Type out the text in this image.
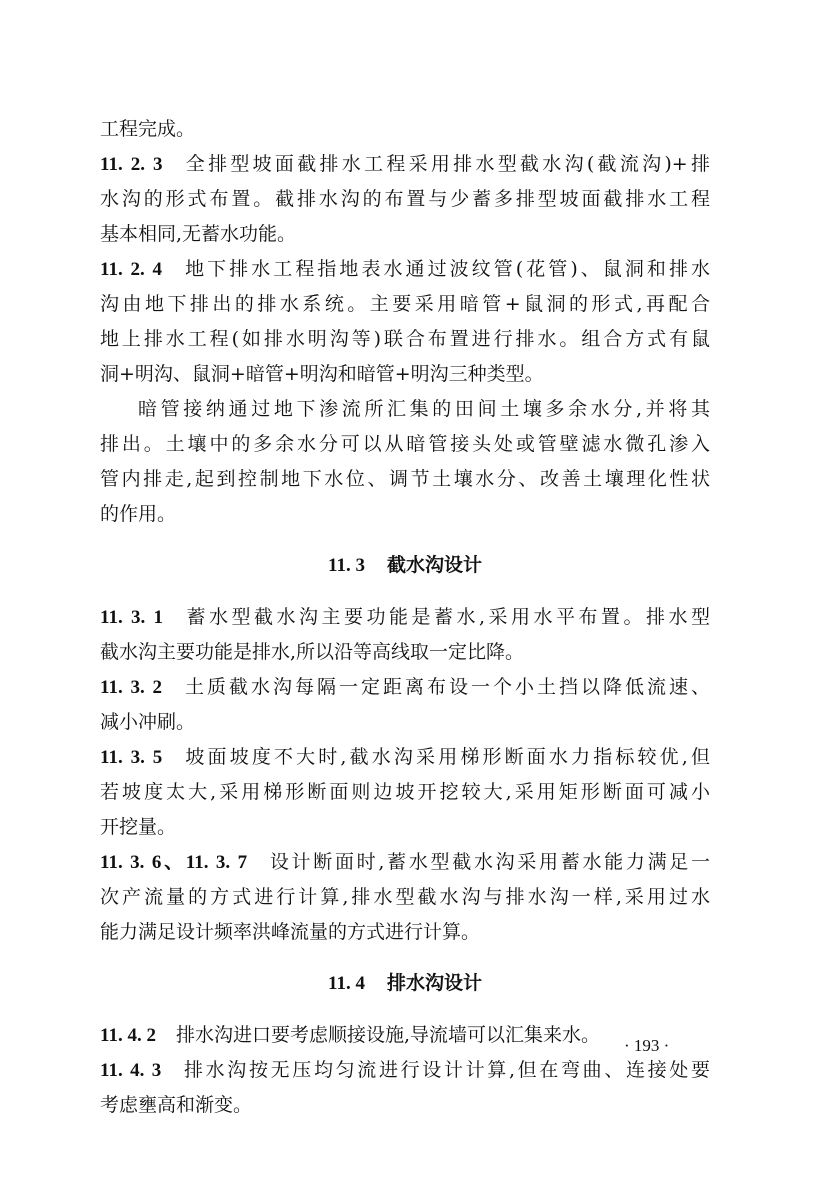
工程完成。
11. 2. 3 全排型坡面截排水工程采用排水型截水沟(截流沟)+排
水沟的形式布置。截排水沟的布置与少蓄多排型坡面截排水工程
基本相同,无蓄水功能。
11. 2. 4 地下排水工程指地表水通过波纹管(花管)、鼠洞和排水
沟由地下排出的排水系统。主要采用暗管+鼠洞的形式,再配合
地上排水工程(如排水明沟等)联合布置进行排水。组合方式有鼠
洞+明沟、鼠洞+暗管+明沟和暗管+明沟三种类型。
暗管接纳通过地下渗流所汇集的田间土壤多余水分,并将其
排出。土壤中的多余水分可以从暗管接头处或管壁滤水微孔渗入
管内排走,起到控制地下水位、调节土壤水分、改善土壤理化性状
的作用。
11. 3 截水沟设计
11. 3. 1 蓄水型截水沟主要功能是蓄水,采用水平布置。排水型
截水沟主要功能是排水,所以沿等高线取一定比降。
11. 3. 2 土质截水沟每隔一定距离布设一个小土挡以降低流速、
减小冲刷。
11. 3. 5 坡面坡度不大时,截水沟采用梯形断面水力指标较优,但
若坡度太大,采用梯形断面则边坡开挖较大,采用矩形断面可减小
开挖量。
11. 3. 6、11. 3. 7 设计断面时,蓄水型截水沟采用蓄水能力满足一
次产流量的方式进行计算,排水型截水沟与排水沟一样,采用过水
能力满足设计频率洪峰流量的方式进行计算。
11. 4 排水沟设计
11. 4. 2 排水沟进口要考虑顺接设施,导流墙可以汇集来水。
11. 4. 3 排水沟按无压均匀流进行设计计算,但在弯曲、连接处要
考虑壅高和渐变。
· 193 ·
